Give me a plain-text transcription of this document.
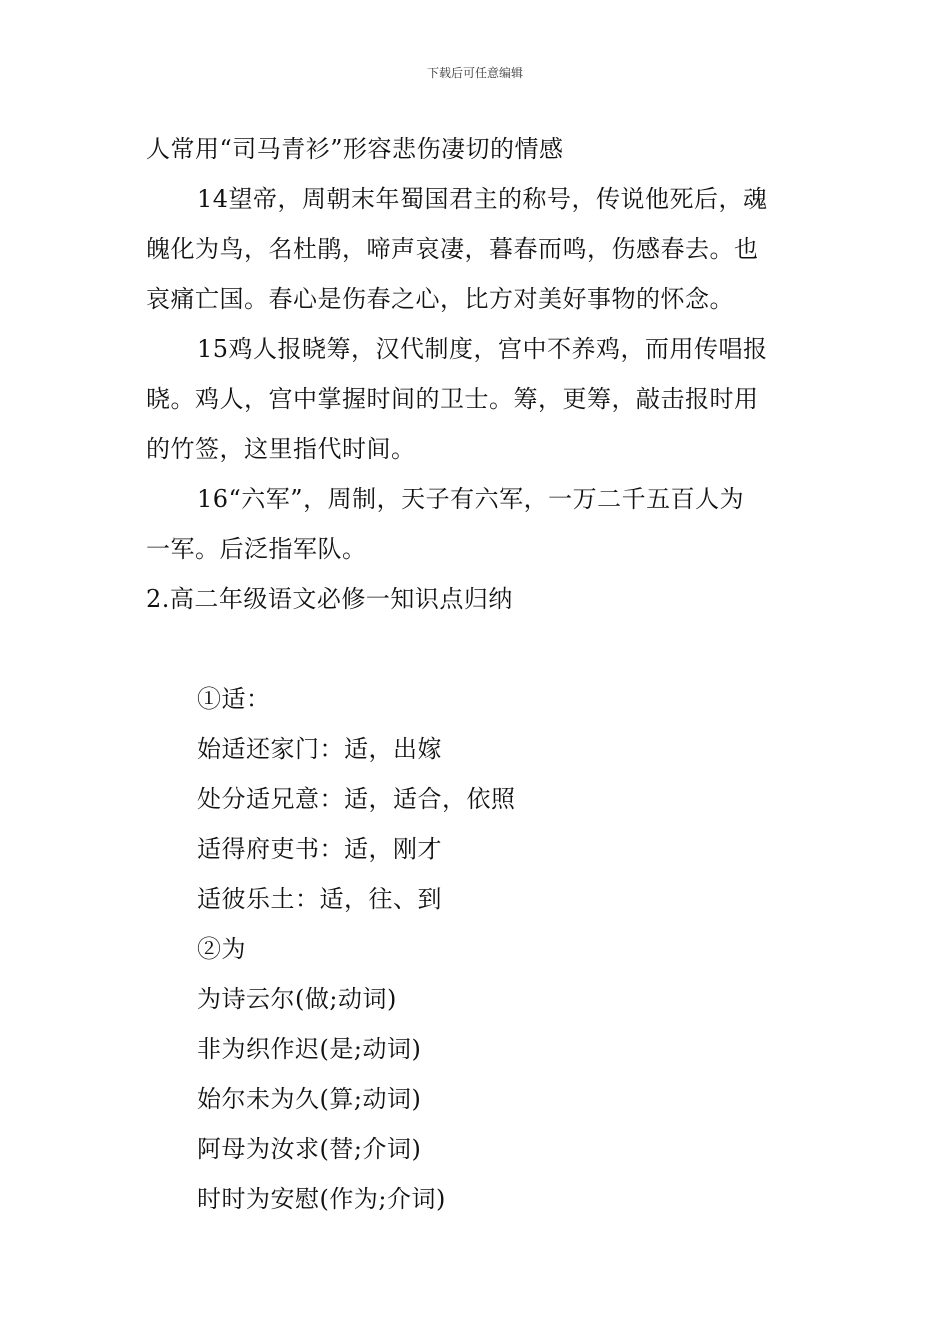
下载后可任意编辑
人常用“司马青衫”形容悲伤凄切的情感
14望帝，周朝末年蜀国君主的称号，传说他死后，魂
魄化为鸟，名杜鹃，啼声哀凄，暮春而鸣，伤感春去。也
哀痛亡国。春心是伤春之心，比方对美好事物的怀念。
15鸡人报晓筹，汉代制度，宫中不养鸡，而用传唱报
晓。鸡人，宫中掌握时间的卫士。筹，更筹，敲击报时用
的竹签，这里指代时间。
16“六军”，周制，天子有六军，一万二千五百人为
一军。后泛指军队。
2.高二年级语文必修一知识点归纳
①适：
始适还家门：适，出嫁
处分适兄意：适，适合，依照
适得府吏书：适，刚才
适彼乐土：适，往、到
②为
为诗云尔(做;动词)
非为织作迟(是;动词)
始尔未为久(算;动词)
阿母为汝求(替;介词)
时时为安慰(作为;介词)
